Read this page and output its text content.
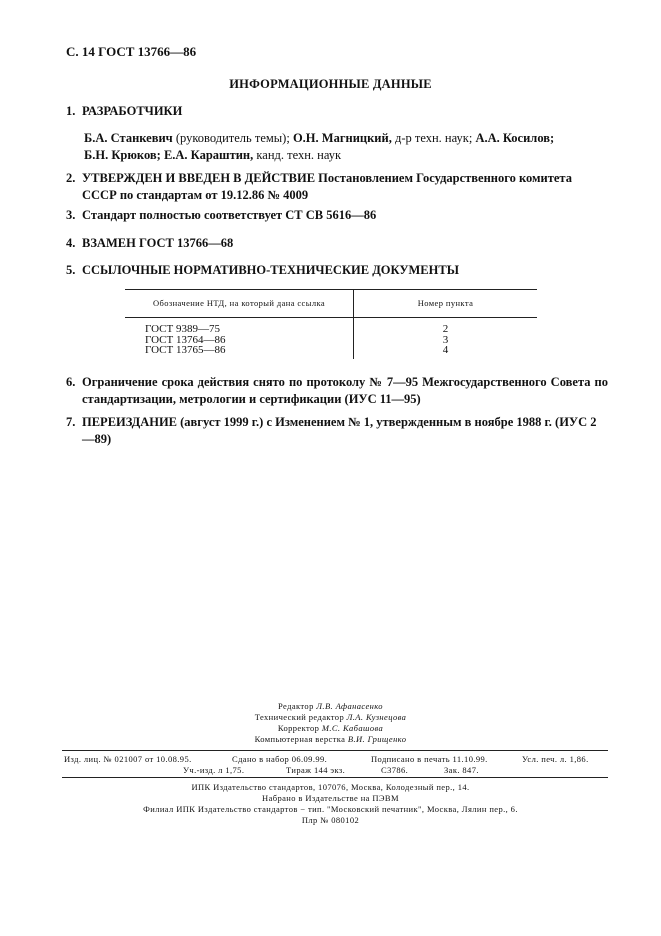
С. 14 ГОСТ 13766—86
ИНФОРМАЦИОННЫЕ ДАННЫЕ
1. РАЗРАБОТЧИКИ
Б.А. Станкевич (руководитель темы); О.Н. Магницкий, д-р техн. наук; А.А. Косилов;
Б.Н. Крюков; Е.А. Караштин, канд. техн. наук
2. УТВЕРЖДЕН И ВВЕДЕН В ДЕЙСТВИЕ Постановлением Государственного комитета СССР по стандартам от 19.12.86 № 4009
3. Стандарт полностью соответствует СТ СВ 5616—86
4. ВЗАМЕН ГОСТ 13766—68
5. ССЫЛОЧНЫЕ НОРМАТИВНО-ТЕХНИЧЕСКИЕ ДОКУМЕНТЫ
Обозначение НТД, на который дана ссылка	Номер пункта
ГОСТ 9389—75	2
ГОСТ 13764—86	3
ГОСТ 13765—86	4
6. Ограничение срока действия снято по протоколу № 7—95 Межгосударственного Совета по стандартизации, метрологии и сертификации (ИУС 11—95)
7. ПЕРЕИЗДАНИЕ (август 1999 г.) с Изменением № 1, утвержденным в ноябре 1988 г. (ИУС 2—89)
Редактор Л.В. Афанасенко
Технический редактор Л.А. Кузнецова
Корректор М.С. Кабашова
Компьютерная верстка В.И. Грищенко
Изд. лиц. № 021007 от 10.08.95.	Сдано в набор 06.09.99.	Подписано в печать 11.10.99.	Усл. печ. л. 1,86.
Уч.-изд. л 1,75.	Тираж 144 экз.	С3786.	Зак. 847.
ИПК Издательство стандартов, 107076, Москва, Колодезный пер., 14.
Набрано в Издательстве на ПЭВМ
Филиал ИПК Издательство стандартов − тип. "Московский печатник", Москва, Лялин пер., 6.
Плр № 080102
